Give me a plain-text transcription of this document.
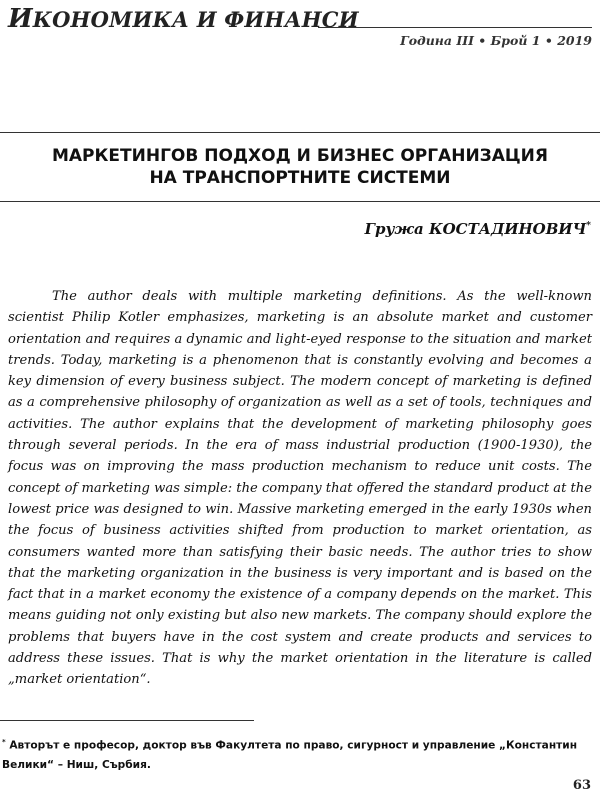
ИКОНОМИКА И ФИНАНСИ
Година III • Брой 1 • 2019
МАРКЕТИНГОВ ПОДХОД И БИЗНЕС ОРГАНИЗАЦИЯ
НА ТРАНСПОРТНИТЕ СИСТЕМИ
Гружа КОСТАДИНОВИЧ*

The author deals with multiple marketing definitions. As the well-known scientist Philip Kotler emphasizes, marketing is an absolute market and customer orientation and requires a dynamic and light-eyed response to the situation and market trends. Today, marketing is a phenomenon that is constantly evolving and becomes a key dimension of every business subject. The modern concept of marketing is defined as a comprehensive philosophy of organization as well as a set of tools, techniques and activities. The author explains that the development of marketing philosophy goes through several periods. In the era of mass industrial production (1900-1930), the focus was on improving the mass production mechanism to reduce unit costs. The concept of marketing was simple: the company that offered the standard product at the lowest price was designed to win. Massive marketing emerged in the early 1930s when the focus of business activities shifted from production to market orientation, as consumers wanted more than satisfying their basic needs. The author tries to show that the marketing organization in the business is very important and is based on the fact that in a market economy the existence of a company depends on the market. This means guiding not only existing but also new markets. The company should explore the problems that buyers have in the cost system and create products and services to address these issues. That is why the market orientation in the literature is called „market orientation“.

* Авторът е професор, доктор във Факултета по право, сигурност и управление „Константин Велики“ – Ниш, Сърбия.

63
